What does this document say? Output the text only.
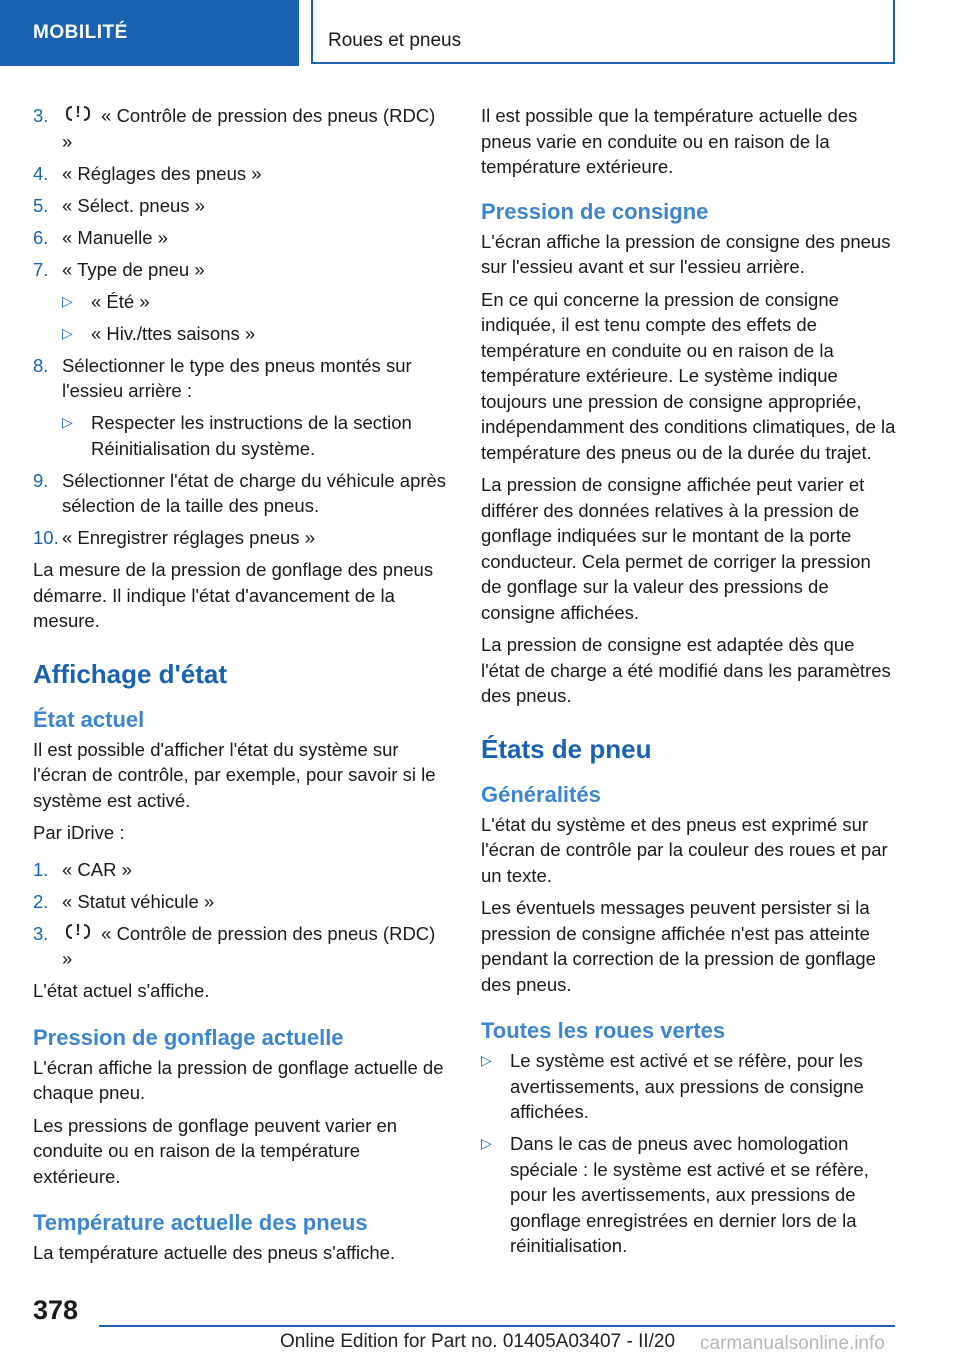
MOBILITÉ	Roues et pneus
3. ! « Contrôle de pression des pneus (RDC) »
4. « Réglages des pneus »
5. « Sélect. pneus »
6. « Manuelle »
7. « Type de pneu »
▷ « Été »
▷ « Hiv./ttes saisons »
8. Sélectionner le type des pneus montés sur l'essieu arrière :
▷ Respecter les instructions de la section Réinitialisation du système.
9. Sélectionner l'état de charge du véhicule après sélection de la taille des pneus.
10. « Enregistrer réglages pneus »

La mesure de la pression de gonflage des pneus démarre. Il indique l'état d'avancement de la mesure.

Affichage d'état
État actuel

Il est possible d'afficher l'état du système sur l'écran de contrôle, par exemple, pour savoir si le système est activé.

Par iDrive :

1. « CAR »
2. « Statut véhicule »
3. ! « Contrôle de pression des pneus (RDC) »

L'état actuel s'affiche.

Pression de gonflage actuelle

L'écran affiche la pression de gonflage actuelle de chaque pneu.

Les pressions de gonflage peuvent varier en conduite ou en raison de la température extérieure.

Température actuelle des pneus

La température actuelle des pneus s'affiche.

Il est possible que la température actuelle des pneus varie en conduite ou en raison de la température extérieure.

Pression de consigne

L'écran affiche la pression de consigne des pneus sur l'essieu avant et sur l'essieu arrière.

En ce qui concerne la pression de consigne indiquée, il est tenu compte des effets de température en conduite ou en raison de la température extérieure. Le système indique toujours une pression de consigne appropriée, indépendamment des conditions climatiques, de la température des pneus ou de la durée du trajet.

La pression de consigne affichée peut varier et différer des données relatives à la pression de gonflage indiquées sur le montant de la porte conducteur. Cela permet de corriger la pression de gonflage sur la valeur des pressions de consigne affichées.

La pression de consigne est adaptée dès que l'état de charge a été modifié dans les paramètres des pneus.

États de pneu
Généralités

L'état du système et des pneus est exprimé sur l'écran de contrôle par la couleur des roues et par un texte.

Les éventuels messages peuvent persister si la pression de consigne affichée n'est pas atteinte pendant la correction de la pression de gonflage des pneus.

Toutes les roues vertes
▷ Le système est activé et se réfère, pour les avertissements, aux pressions de consigne affichées.
▷ Dans le cas de pneus avec homologation spéciale : le système est activé et se réfère, pour les avertissements, aux pressions de gonflage enregistrées en dernier lors de la réinitialisation.
378
Online Edition for Part no. 01405A03407 - II/20 carmanualsonline.info
